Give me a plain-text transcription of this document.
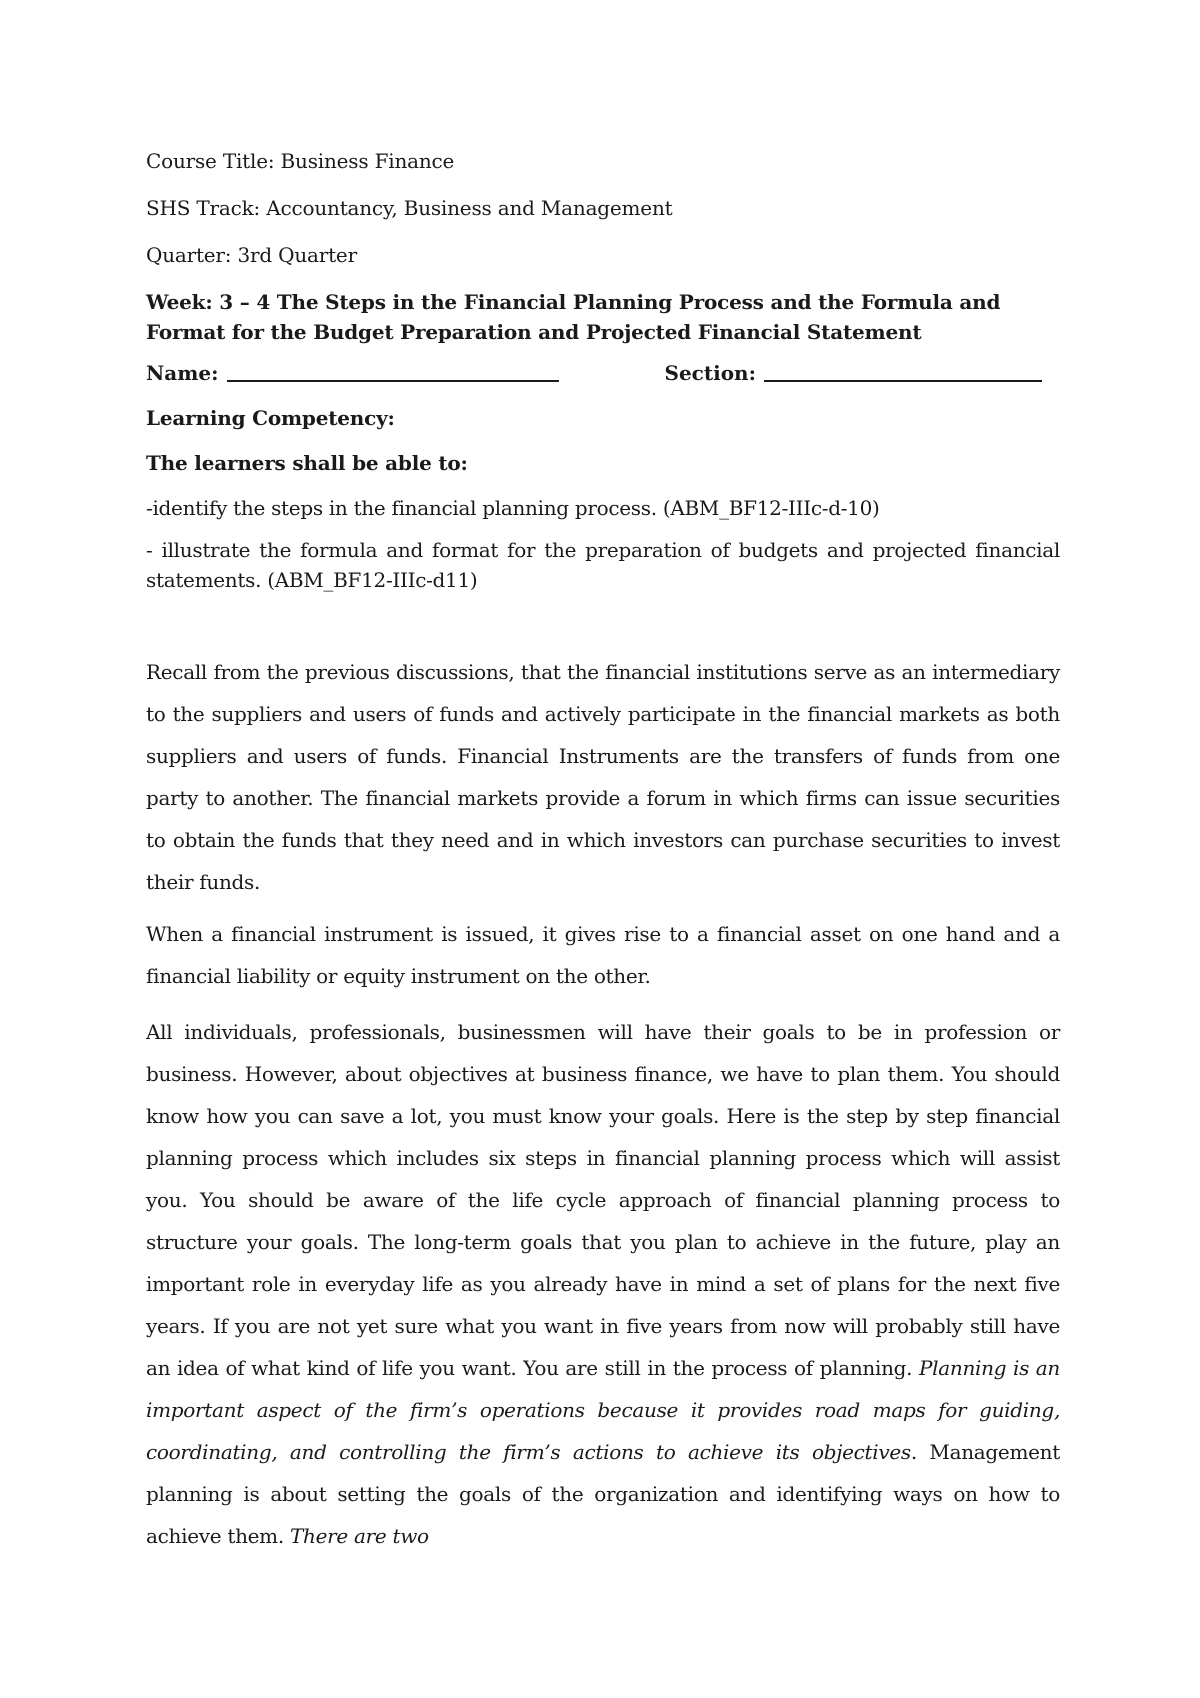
Course Title: Business Finance

SHS Track: Accountancy, Business and Management

Quarter: 3rd Quarter

Week: 3 – 4 The Steps in the Financial Planning Process and the Formula and Format for the Budget Preparation and Projected Financial Statement

Name:	Section:

Learning Competency:

The learners shall be able to:

-identify the steps in the financial planning process. (ABM_BF12-IIIc-d-10)

- illustrate the formula and format for the preparation of budgets and projected financial statements. (ABM_BF12-IIIc-d11)

Recall from the previous discussions, that the financial institutions serve as an intermediary to the suppliers and users of funds and actively participate in the financial markets as both suppliers and users of funds. Financial Instruments are the transfers of funds from one party to another. The financial markets provide a forum in which firms can issue securities to obtain the funds that they need and in which investors can purchase securities to invest their funds.

When a financial instrument is issued, it gives rise to a financial asset on one hand and a financial liability or equity instrument on the other.

All individuals, professionals, businessmen will have their goals to be in profession or business. However, about objectives at business finance, we have to plan them. You should know how you can save a lot, you must know your goals. Here is the step by step financial planning process which includes six steps in financial planning process which will assist you. You should be aware of the life cycle approach of financial planning process to structure your goals. The long-term goals that you plan to achieve in the future, play an important role in everyday life as you already have in mind a set of plans for the next five years. If you are not yet sure what you want in five years from now will probably still have an idea of what kind of life you want. You are still in the process of planning. Planning is an important aspect of the firm’s operations because it provides road maps for guiding, coordinating, and controlling the firm’s actions to achieve its objectives. Management planning is about setting the goals of the organization and identifying ways on how to achieve them. There are two
